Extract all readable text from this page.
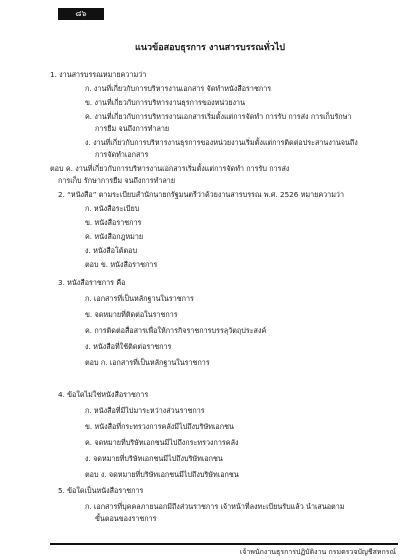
๘๖
แนวข้อสอบธุรการ งานสารบรรณทั่วไป
1. งานสารบรรณหมายความว่า
ก. งานที่เกี่ยวกับการบริหารงานเอกสาร จัดทำหนังสือราชการ
ข. งานที่เกี่ยวกับการบริหารงานธุรการของหน่วยงาน
ค. งานที่เกี่ยวกับการบริหารงานเอกสารเริ่มตั้งแต่การจัดทำ การรับ การส่ง การเก็บรักษา
การยืม จนถึงการทำลาย
ง. งานที่เกี่ยวกับการบริหารงานธุรการของหน่วยงานเริ่มตั้งแต่การติดต่อประสานงานจนถึง
การจัดทำเอกสาร
ตอบ ค. งานที่เกี่ยวกับการบริหารงานเอกสารเริ่มตั้งแต่การจัดทำ การรับ การส่ง
การเก็บ รักษาการยืม จนถึงการทำลาย
2. “หนังสือ” ตามระเบียบสำนักนายกรัฐมนตรีว่าด้วยงานสารบรรณ พ.ศ. 2526 หมายความว่า
ก. หนังสือระเบียบ
ข. หนังสือราชการ
ค. หนังสือกฎหมาย
ง. หนังสือโต้ตอบ
ตอบ ข. หนังสือราชการ
3. หนังสือราชการ คือ
ก. เอกสารที่เป็นหลักฐานในราชการ
ข. จดหมายที่ติดต่อในราชการ
ค. การติดต่อสื่อสารเพื่อให้การกิจราชการบรรลุวัตถุประสงค์
ง. หนังสือที่ใช้ติดต่อราชการ
ตอบ ก. เอกสารที่เป็นหลักฐานในราชการ
4. ข้อใดไม่ใช่หนังสือราชการ
ก. หนังสือที่มีไปมาระหว่างส่วนราชการ
ข. หนังสือที่กระทรวงการคลังมีไปถึงบริษัทเอกชน
ค. จดหมายที่บริษัทเอกชนมีไปถึงกระทรวงการคลัง
ง. จดหมายที่บริษัทเอกชนมีไปถึงบริษัทเอกชน
ตอบ ง. จดหมายที่บริษัทเอกชนมีไปถึงบริษัทเอกชน
5. ข้อใดเป็นหนังสือราชการ
ก. เอกสารที่บุคคลภายนอกมีถึงส่วนราชการ เจ้าหน้าที่ลงทะเบียนรับแล้ว นำเสนอตาม
ขั้นตอนของราชการ
เจ้าพนักงานธุรการปฏิบัติงาน กรมตรวจบัญชีสหกรณ์
